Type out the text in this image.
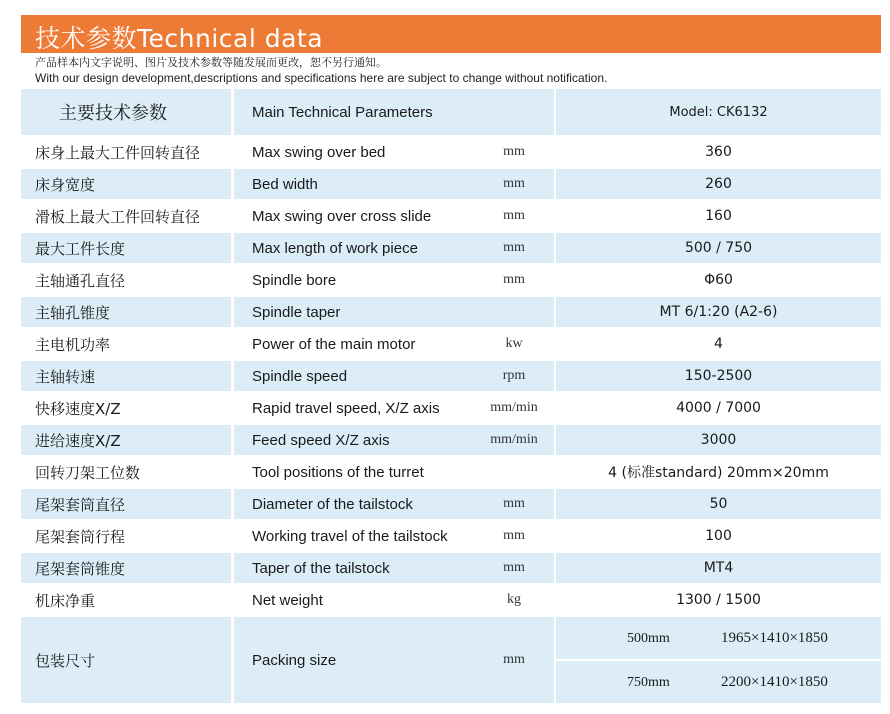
技术参数Technical data
产品样本内文字说明、图片及技术参数等随发展而更改，恕不另行通知。
With our design development,descriptions and specifications here are subject to change without notification.
主要技术参数	Main Technical Parameters		Model: CK6132
床身上最大工件回转直径	Max swing over bed	mm	360
床身宽度	Bed width	mm	260
滑板上最大工件回转直径	Max swing over cross slide	mm	160
最大工件长度	Max length of work piece	mm	500 / 750
主轴通孔直径	Spindle bore	mm	Φ60
主轴孔锥度	Spindle taper		MT 6/1:20 (A2-6)
主电机功率	Power of the main motor	kw	4
主轴转速	Spindle speed	rpm	150-2500
快移速度X/Z	Rapid travel speed, X/Z axis	mm/min	4000 / 7000
进给速度X/Z	Feed speed X/Z axis	mm/min	3000
回转刀架工位数	Tool positions of the turret		4 (标准standard) 20mm×20mm
尾架套筒直径	Diameter of the tailstock	mm	50
尾架套筒行程	Working travel of the tailstock	mm	100
尾架套筒锥度	Taper of the tailstock	mm	MT4
机床净重	Net weight	kg	1300 / 1500
包装尺寸	Packing size	mm	500mm 1965×1410×1850
			750mm 2200×1410×1850
